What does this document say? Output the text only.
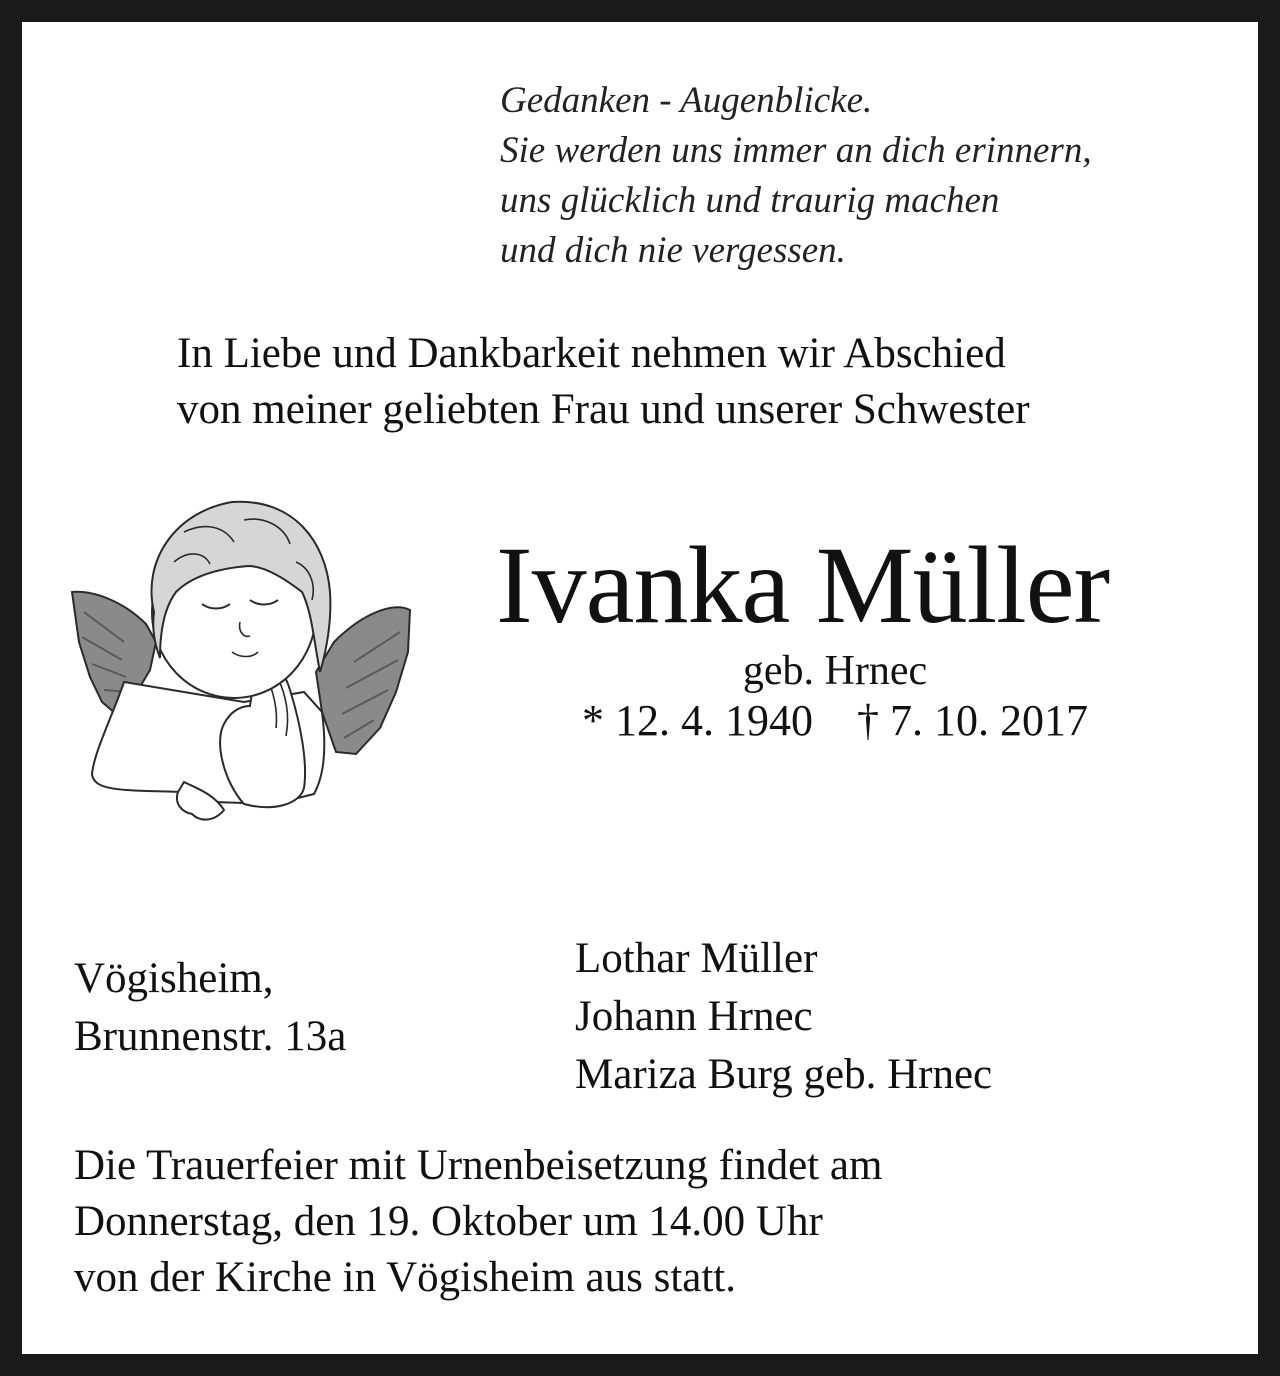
Gedanken - Augenblicke.
Sie werden uns immer an dich erinnern,
uns glücklich und traurig machen
und dich nie vergessen.
In Liebe und Dankbarkeit nehmen wir Abschied
von meiner geliebten Frau und unserer Schwester
Ivanka Müller
geb. Hrnec
* 12. 4. 1940 † 7. 10. 2017
Vögisheim,
Brunnenstr. 13a
Lothar Müller
Johann Hrnec
Mariza Burg geb. Hrnec
Die Trauerfeier mit Urnenbeisetzung findet am
Donnerstag, den 19. Oktober um 14.00 Uhr
von der Kirche in Vögisheim aus statt.
